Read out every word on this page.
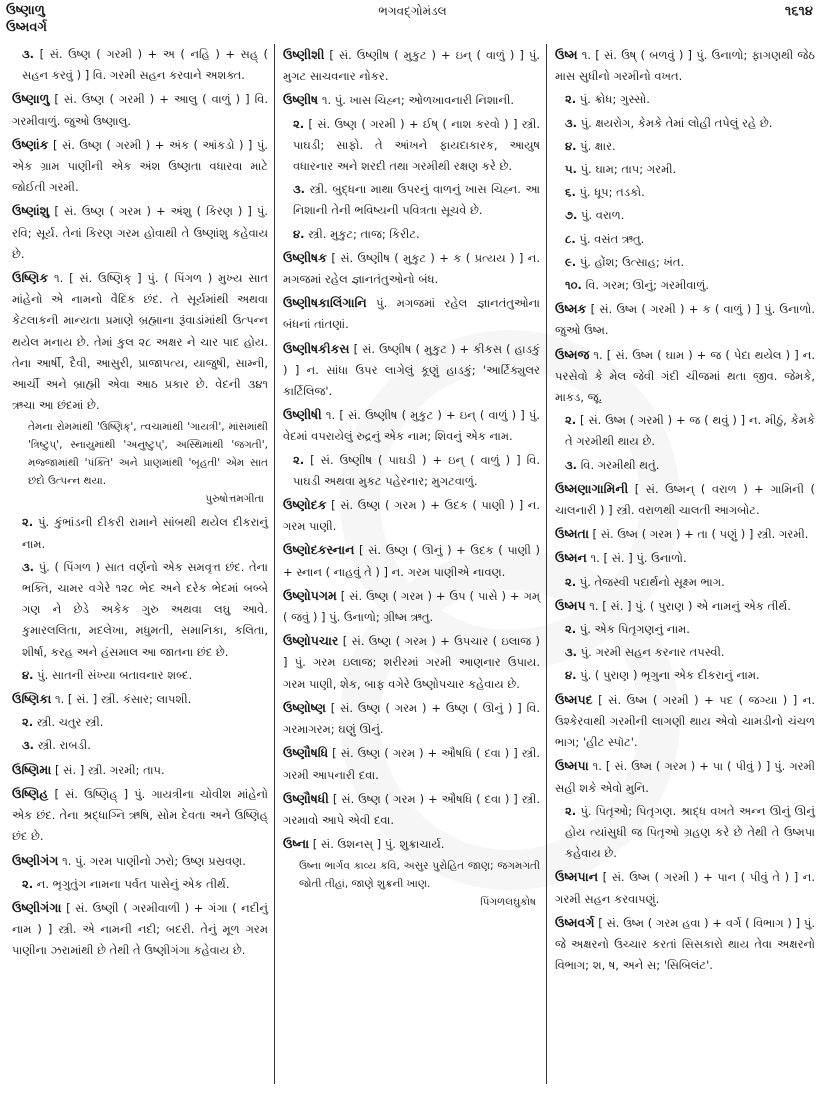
ઉષ્ણાળુ
ઉષ્મવર્ગ
ભગવદ્ગોમંડલ	૧૬૧૪
૩. [ સં. ઉષ્ણ ( ગરમી ) + અ ( નહિ ) + સહ્ ( સહન કરવું ) ] વિ. ગરમી સહન કરવાને અશક્ત.
ઉષ્ણાળુ [ સં. ઉષ્ણ ( ગરમી ) + આલુ ( વાળું ) ] વિ. ગરમીવાળું. જુઓ ઉષ્ણાલુ.
ઉષ્ણાંક [ સં. ઉષ્ણ ( ગરમી ) + અંક ( આંકડો ) ] પું. એક ગ્રામ પાણીની એક અંશ ઉષ્ણતા વધારવા માટે જોઈતી ગરમી.
ઉષ્ણાંશુ [ સં. ઉષ્ણ ( ગરમ ) + અંશુ ( કિરણ ) ] પું. રવિ; સૂર્ય. તેનાં કિરણ ગરમ હોવાથી તે ઉષ્ણાંશુ કહેવાય છે.
ઉષ્ણિક ૧. [ સં. ઉષ્ણિક્ ] પું. ( પિંગળ ) મુખ્ય સાત માંહેનો એ નામનો વૈદિક છંદ. તે સૂર્યમાંથી અથવા કેટલાકની માન્યતા પ્રમાણે બ્રહ્માના રૂંવાડાંમાંથી ઉત્પન્ન થયેલ મનાય છે. તેમાં કુલ ૨૮ અક્ષર ને ચાર પાદ હોય. તેના આર્ષી, દૈવી, આસુરી, પ્રાજાપત્ય, યાજુષી, સામ્ની, આર્ચી અને બ્રાહ્મી એવા આઠ પ્રકાર છે. વેદની ૩૪૧ ઋચા આ છંદમાં છે.
તેમના રોમમાંથી 'ઉષ્ણિક્', ત્વચામાંથી 'ગાયત્રી', માંસમાંથી 'ત્રિષ્ટુપ્', સ્નાયુમાંથી 'અનુષ્ટુપ્', અસ્થિમાંથી 'જગતી', મજ્જામાંથી 'પંક્તિ' અને પ્રાણમાંથી 'બૃહતી' એમ સાત છંદો ઉત્પન્ન થયા.
પુરુષોત્તમગીતા
૨. પું. કુંભાંડની દીકરી રામાને સાંબથી થયેલ દીકરાનું નામ.
૩. પું. ( પિંગળ ) સાત વર્ણનો એક સમવૃત્ત છંદ. તેના ભક્તિ, ચામર વગેરે ૧૨૮ ભેદ અને દરેક ભેદમાં બબ્બે ગણ ને છેડે અકેક ગુરુ અથવા લઘુ આવે. કુમારલલિતા, મદલેખા, મધુમતી, સમાનિકા, કલિતા, શીર્ષા, કરહ અને હંસમાલ આ જાતના છંદ છે.
૪. પું. સાતની સંખ્યા બતાવનાર શબ્દ.
ઉષ્ણિકા ૧. [ સં. ] સ્ત્રી. કંસાર; લાપશી.
૨. સ્ત્રી. ચતુર સ્ત્રી.
૩. સ્ત્રી. રાબડી.
ઉષ્ણિમા [ સં. ] સ્ત્રી. ગરમી; તાપ.
ઉષ્ણિહ [ સં. ઉષ્ણિહ્ ] પું. ગાયત્રીના ચોવીશ માંહેનો એક છંદ. તેના શ્રદ્ધાગ્નિ ઋષિ, સોમ દેવતા અને ઉષ્ણિહ્ છંદ છે.
ઉષ્ણીગંગ ૧. પું. ગરમ પાણીનો ઝરો; ઉષ્ણ પ્રસ્રવણ.
૨. ન. ભૃગુતુંગ નામના પર્વત પાસેનું એક તીર્થ.
ઉષ્ણીગંગા [ સં. ઉષ્ણી ( ગરમીવાળી ) + ગંગા ( નદીનું નામ ) ] સ્ત્રી. એ નામની નદી; બદરી. તેનું મૂળ ગરમ પાણીના ઝરામાંથી છે તેથી તે ઉષ્ણીગંગા કહેવાય છે.
ઉષ્ણીશી [ સં. ઉષ્ણીષ ( મુકુટ ) + ઇન્ ( વાળું ) ] પું. મુગટ સાચવનાર નોકર.
ઉષ્ણીષ ૧. પું. ખાસ ચિહ્ન; ઓળખાવનારી નિશાની.
૨. [ સં. ઉષ્ણ ( ગરમી ) + ઈષ્ ( નાશ કરવો ) ] સ્ત્રી. પાઘડી; સાફો. તે આંખને ફાયદાકારક, આયુષ વધારનાર અને શરદી તથા ગરમીથી રક્ષણ કરે છે.
૩. સ્ત્રી. બુદ્ધના માથા ઉપરનું વાળનું ખાસ ચિહ્ન. આ નિશાની તેની ભવિષ્યની પવિત્રતા સૂચવે છે.
૪. સ્ત્રી. મુકુટ; તાજ; કિરીટ.
ઉષ્ણીષક [ સં. ઉષ્ણીષ ( મુકુટ ) + ક ( પ્રત્યય ) ] ન. મગજમાં રહેલ જ્ઞાનતંતુઓનો બંધ.
ઉષ્ણીષકાલિંગાનિ પું. મગજમાં રહેલ જ્ઞાનતંતુઓના બંધનાં તાંતણાં.
ઉષ્ણીષકીકસ [ સં. ઉષ્ણીષ ( મુકુટ ) + કીકસ ( હાડકું ) ] ન. સાંધા ઉપર લાગેલું કૂણું હાડકું; 'આર્ટિક્યુલર કાર્ટિલિજ'.
ઉષ્ણીષી ૧. [ સં. ઉષ્ણીષ ( મુકુટ ) + ઇન્ ( વાળું ) ] પું. વેદમાં વપરાયેલું રુદ્રનું એક નામ; શિવનું એક નામ.
૨. [ સં. ઉષ્ણીષ ( પાઘડી ) + ઇન્ ( વાળું ) ] વિ. પાઘડી અથવા મુકટ પહેરનાર; મુગટવાળું.
ઉષ્ણોદક [ સં. ઉષ્ણ ( ગરમ ) + ઉદક ( પાણી ) ] ન. ગરમ પાણી.
ઉષ્ણોદકસ્નાન [ સં. ઉષ્ણ ( ઊનું ) + ઉદક ( પાણી ) + સ્નાન ( નાહવું તે ) ] ન. ગરમ પાણીએ નાવણ.
ઉષ્ણોપગમ [ સં. ઉષ્ણ ( ગરમ ) + ઉપ ( પાસે ) + ગમ્ ( જવું ) ] પું. ઉનાળો; ગ્રીષ્મ ઋતુ.
ઉષ્ણોપચાર [ સં. ઉષ્ણ ( ગરમ ) + ઉપચાર ( ઇલાજ ) ] પું. ગરમ ઇલાજ; શરીરમાં ગરમી આણનાર ઉપાય. ગરમ પાણી, શેક, બાફ વગેરે ઉષ્ણોપચાર કહેવાય છે.
ઉષ્ણોષ્ણ [ સં. ઉષ્ણ ( ગરમ ) + ઉષ્ણ ( ઊનું ) ] વિ. ગરમાગરમ; ઘણું ઊનું.
ઉષ્ણૌષધિ [ સં. ઉષ્ણ ( ગરમ ) + ઔષધિ ( દવા ) ] સ્ત્રી. ગરમી આપનારી દવા.
ઉષ્ણૌષધી [ સં. ઉષ્ણ ( ગરમ ) + ઔષધિ ( દવા ) ] સ્ત્રી. ગરમાવો આપે એવી દવા.
ઉષ્ના [ સં. ઉશનસ્ ] પું. શુક્રાચાર્ય.
ઉષ્ના ભાર્ગવ કાવ્ય કવિ, અસુર પુરોહિત જાણ; જગમગતી જોતી તીહાં, જાણે શુક્રની ખાણ.
પિંગળલઘુકોષ
ઉષ્મ ૧. [ સં. ઉષ્ ( બળવું ) ] પું. ઉનાળો; ફાગણથી જેઠ માસ સુધીનો ગરમીનો વખત.
૨. પું. ક્રોધ; ગુસ્સો.
૩. પું. ક્ષયરોગ, કેમકે તેમાં લોહી તપેલું રહે છે.
૪. પું. ક્ષાર.
૫. પું. ઘામ; તાપ; ગરમી.
૬. પું. ધૂપ; તડકો.
૭. પું. વરાળ.
૮. પું. વસંત ઋતુ.
૯. પું. હોંશ; ઉત્સાહ; ખંત.
૧૦. વિ. ગરમ; ઊનું; ગરમીવાળું.
ઉષ્મક [ સં. ઉષ્મ ( ગરમી ) + ક ( વાળું ) ] પું. ઉનાળો. જુઓ ઉષ્મ.
ઉષ્મજ ૧. [ સં. ઉષ્મ ( ઘામ ) + જ ( પેદા થયેલ ) ] ન. પરસેવો કે મેલ જેવી ગંદી ચીજમાં થતા જીવ. જેમકે, માકડ, જૂ.
૨. [ સં. ઉષ્મ ( ગરમી ) + જ ( થવું ) ] ન. મીઠું, કેમકે તે ગરમીથી થાય છે.
૩. વિ. ગરમીથી થતું.
ઉષ્મણાગામિની [ સં. ઉષ્મન્ ( વરાળ ) + ગામિની ( ચાલનારી ) ] સ્ત્રી. વરાળથી ચાલતી આગબોટ.
ઉષ્મતા [ સં. ઉષ્મ ( ગરમ ) + તા ( પણું ) ] સ્ત્રી. ગરમી.
ઉષ્મન ૧. [ સં. ] પું. ઉનાળો.
૨. પું. તેજસ્વી પદાર્થનો સૂક્ષ્મ ભાગ.
ઉષ્મપ ૧. [ સં. ] પું. ( પુરાણ ) એ નામનું એક તીર્થ.
૨. પું. એક પિતૃગણનું નામ.
૩. પું. ગરમી સહન કરનાર તપસ્વી.
૪. પું. ( પુરાણ ) ભૃગુના એક દીકરાનું નામ.
ઉષ્મપદ [ સં. ઉષ્મ ( ગરમી ) + પદ ( જગ્યા ) ] ન. ઉશ્કેરવાથી ગરમીની લાગણી થાય એવો ચામડીનો ચંચળ ભાગ; 'હીટ સ્પૉટ'.
ઉષ્મપા ૧. [ સં. ઉષ્મ ( ગરમ ) + પા ( પીવું ) ] પું. ગરમી સહી શકે એવો મુનિ.
૨. પું. પિતૃઓ; પિતૃગણ. શ્રાદ્ધ વખતે અન્ન ઊનું ઊનું હોય ત્યાંસુધી જ પિતૃઓ ગ્રહણ કરે છે તેથી તે ઉષ્મપા કહેવાય છે.
ઉષ્મપાન [ સં. ઉષ્મ ( ગરમી ) + પાન ( પીવું તે ) ] ન. ગરમી સહન કરવાપણું.
ઉષ્મવર્ગ [ સં. ઉષ્મ ( ગરમ હવા ) + વર્ગ ( વિભાગ ) ] પું. જે અક્ષરનો ઉચ્ચાર કરતાં સિસકારો થાય તેવા અક્ષરનો વિભાગ; શ, ષ, અને સ; 'સિબિલંટ'.
